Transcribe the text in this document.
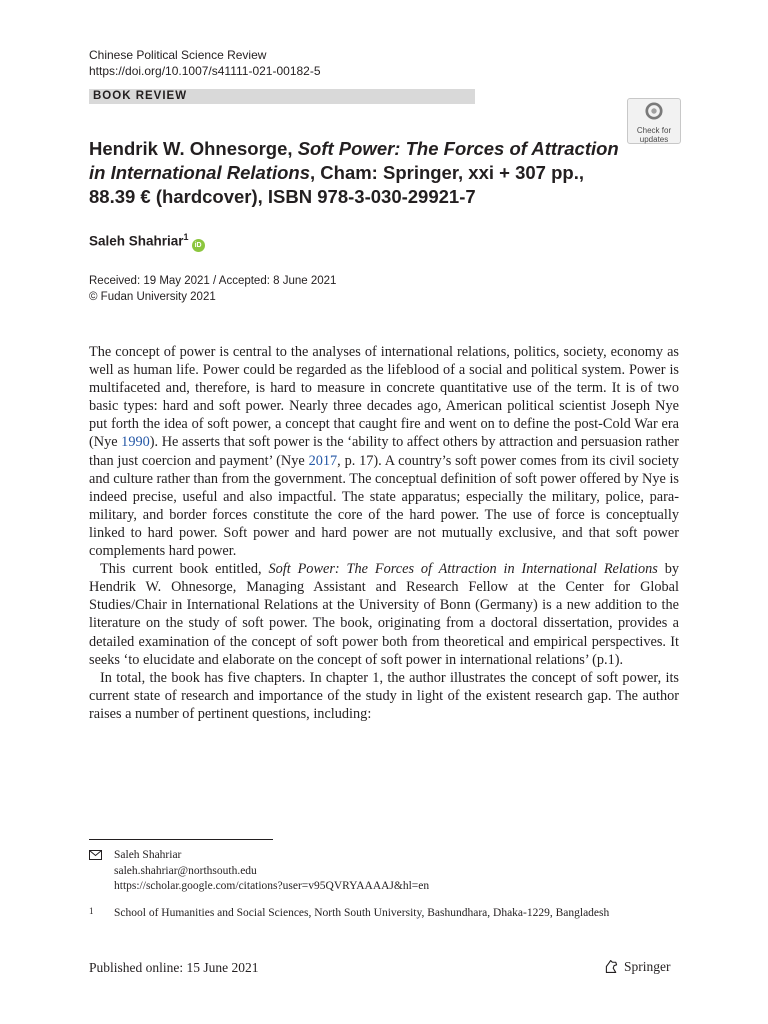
Chinese Political Science Review
https://doi.org/10.1007/s41111-021-00182-5
BOOK REVIEW
Check for
updates
Hendrik W. Ohnesorge, Soft Power: The Forces of Attraction in International Relations, Cham: Springer, xxi + 307 pp., 88.39 € (hardcover), ISBN 978-3-030-29921-7
Saleh Shahriar$^1$iD
Received: 19 May 2021 / Accepted: 8 June 2021
© Fudan University 2021

The concept of power is central to the analyses of international relations, politics, society, economy as well as human life. Power could be regarded as the lifeblood of a social and political system. Power is multifaceted and, therefore, is hard to measure in concrete quantitative use of the term. It is of two basic types: hard and soft power. Nearly three decades ago, American political scientist Joseph Nye put forth the idea of soft power, a concept that caught fire and went on to define the post-Cold War era (Nye 1990). He asserts that soft power is the ‘ability to affect others by attraction and persuasion rather than just coercion and payment’ (Nye 2017, p. 17). A country’s soft power comes from its civil society and culture rather than from the government. The conceptual definition of soft power offered by Nye is indeed precise, useful and also impactful. The state apparatus; especially the military, police, para-military, and border forces constitute the core of the hard power. The use of force is conceptually linked to hard power. Soft power and hard power are not mutually exclusive, and that soft power complements hard power.

This current book entitled, Soft Power: The Forces of Attraction in International Relations by Hendrik W. Ohnesorge, Managing Assistant and Research Fellow at the Center for Global Studies/Chair in International Relations at the University of Bonn (Germany) is a new addition to the literature on the study of soft power. The book, originating from a doctoral dissertation, provides a detailed examination of the concept of soft power both from theoretical and empirical perspectives. It seeks ‘to elucidate and elaborate on the concept of soft power in international relations’ (p.1).

In total, the book has five chapters. In chapter 1, the author illustrates the concept of soft power, its current state of research and importance of the study in light of the existent research gap. The author raises a number of pertinent questions, including:

Saleh Shahriar
saleh.shahriar@northsouth.edu
https://scholar.google.com/citations?user=v95QVRYAAAAJ&hl=en
1 School of Humanities and Social Sciences, North South University, Bashundhara, Dhaka-1229, Bangladesh
Published online: 15 June 2021	Springer
